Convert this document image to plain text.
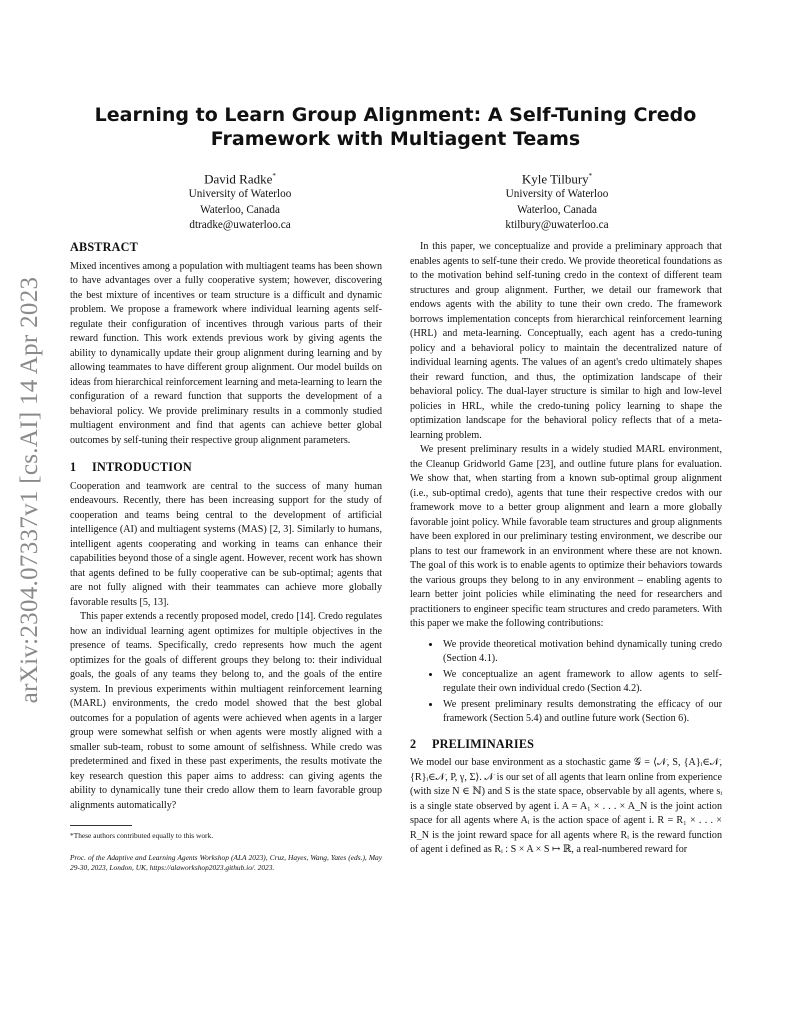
arXiv:2304.07337v1 [cs.AI] 14 Apr 2023
Learning to Learn Group Alignment: A Self-Tuning Credo Framework with Multiagent Teams
David Radke*
University of Waterloo
Waterloo, Canada
dtradke@uwaterloo.ca
Kyle Tilbury*
University of Waterloo
Waterloo, Canada
ktilbury@uwaterloo.ca
ABSTRACT

Mixed incentives among a population with multiagent teams has been shown to have advantages over a fully cooperative system; however, discovering the best mixture of incentives or team structure is a difficult and dynamic problem. We propose a framework where individual learning agents self-regulate their configuration of incentives through various parts of their reward function. This work extends previous work by giving agents the ability to dynamically update their group alignment during learning and by allowing teammates to have different group alignment. Our model builds on ideas from hierarchical reinforcement learning and meta-learning to learn the configuration of a reward function that supports the development of a behavioral policy. We provide preliminary results in a commonly studied multiagent environment and find that agents can achieve better global outcomes by self-tuning their respective group alignment parameters.

1 INTRODUCTION

Cooperation and teamwork are central to the success of many human endeavours. Recently, there has been increasing support for the study of cooperation and teams being central to the development of artificial intelligence (AI) and multiagent systems (MAS) [2, 3]. Similarly to humans, intelligent agents cooperating and working in teams can enhance their capabilities beyond those of a single agent. However, recent work has shown that agents defined to be fully cooperative can be sub-optimal; agents that are not fully aligned with their teammates can achieve more globally favorable results [5, 13].

This paper extends a recently proposed model, credo [14]. Credo regulates how an individual learning agent optimizes for multiple objectives in the presence of teams. Specifically, credo represents how much the agent optimizes for the goals of different groups they belong to: their individual goals, the goals of any teams they belong to, and the goals of the entire system. In previous experiments within multiagent reinforcement learning (MARL) environments, the credo model showed that the best global outcomes for a population of agents were achieved when agents in a larger group were somewhat selfish or when agents were mostly aligned with a smaller sub-team, robust to some amount of selfishness. While credo was predetermined and fixed in these past experiments, the results motivate the key research question this paper aims to address: can giving agents the ability to dynamically tune their credo allow them to learn favorable group alignments automatically?

*These authors contributed equally to this work.
Proc. of the Adaptive and Learning Agents Workshop (ALA 2023), Cruz, Hayes, Wang, Yates (eds.), May 29-30, 2023, London, UK, https://alaworkshop2023.github.io/. 2023.

In this paper, we conceptualize and provide a preliminary approach that enables agents to self-tune their credo. We provide theoretical foundations as to the motivation behind self-tuning credo in the context of different team structures and group alignment. Further, we detail our framework that endows agents with the ability to tune their own credo. The framework borrows implementation concepts from hierarchical reinforcement learning (HRL) and meta-learning. Conceptually, each agent has a credo-tuning policy and a behavioral policy to maintain the decentralized nature of individual learning agents. The values of an agent's credo ultimately shapes their reward function, and thus, the optimization landscape of their behavioral policy. The dual-layer structure is similar to high and low-level policies in HRL, while the credo-tuning policy learning to shape the optimization landscape for the behavioral policy reflects that of a meta-learning problem.

We present preliminary results in a widely studied MARL environment, the Cleanup Gridworld Game [23], and outline future plans for evaluation. We show that, when starting from a known sub-optimal group alignment (i.e., sub-optimal credo), agents that tune their respective credos with our framework move to a better group alignment and learn a more globally favorable joint policy. While favorable team structures and group alignments have been explored in our preliminary testing environment, we describe our plans to test our framework in an environment where these are not known. The goal of this work is to enable agents to optimize their behaviors towards the various groups they belong to in any environment – enabling agents to learn better joint policies while eliminating the need for researchers and practitioners to engineer specific team structures and credo parameters. With this paper we make the following contributions:

• We provide theoretical motivation behind dynamically tuning credo (Section 4.1).
• We conceptualize an agent framework to allow agents to self-regulate their own individual credo (Section 4.2).
• We present preliminary results demonstrating the efficacy of our framework (Section 5.4) and outline future work (Section 6).
2 PRELIMINARIES

We model our base environment as a stochastic game 𝒢 = ⟨𝒩, S, {A}ᵢ∈𝒩, {R}ᵢ∈𝒩, P, γ, Σ⟩. 𝒩 is our set of all agents that learn online from experience (with size N ∈ ℕ) and S is the state space, observable by all agents, where sᵢ is a single state observed by agent i. A = A₁ × . . . × A_N is the joint action space for all agents where Aᵢ is the action space of agent i. R = R₁ × . . . × R_N is the joint reward space for all agents where Rᵢ is the reward function of agent i defined as Rᵢ : S × A × S ↦ ℝ, a real-numbered reward for
